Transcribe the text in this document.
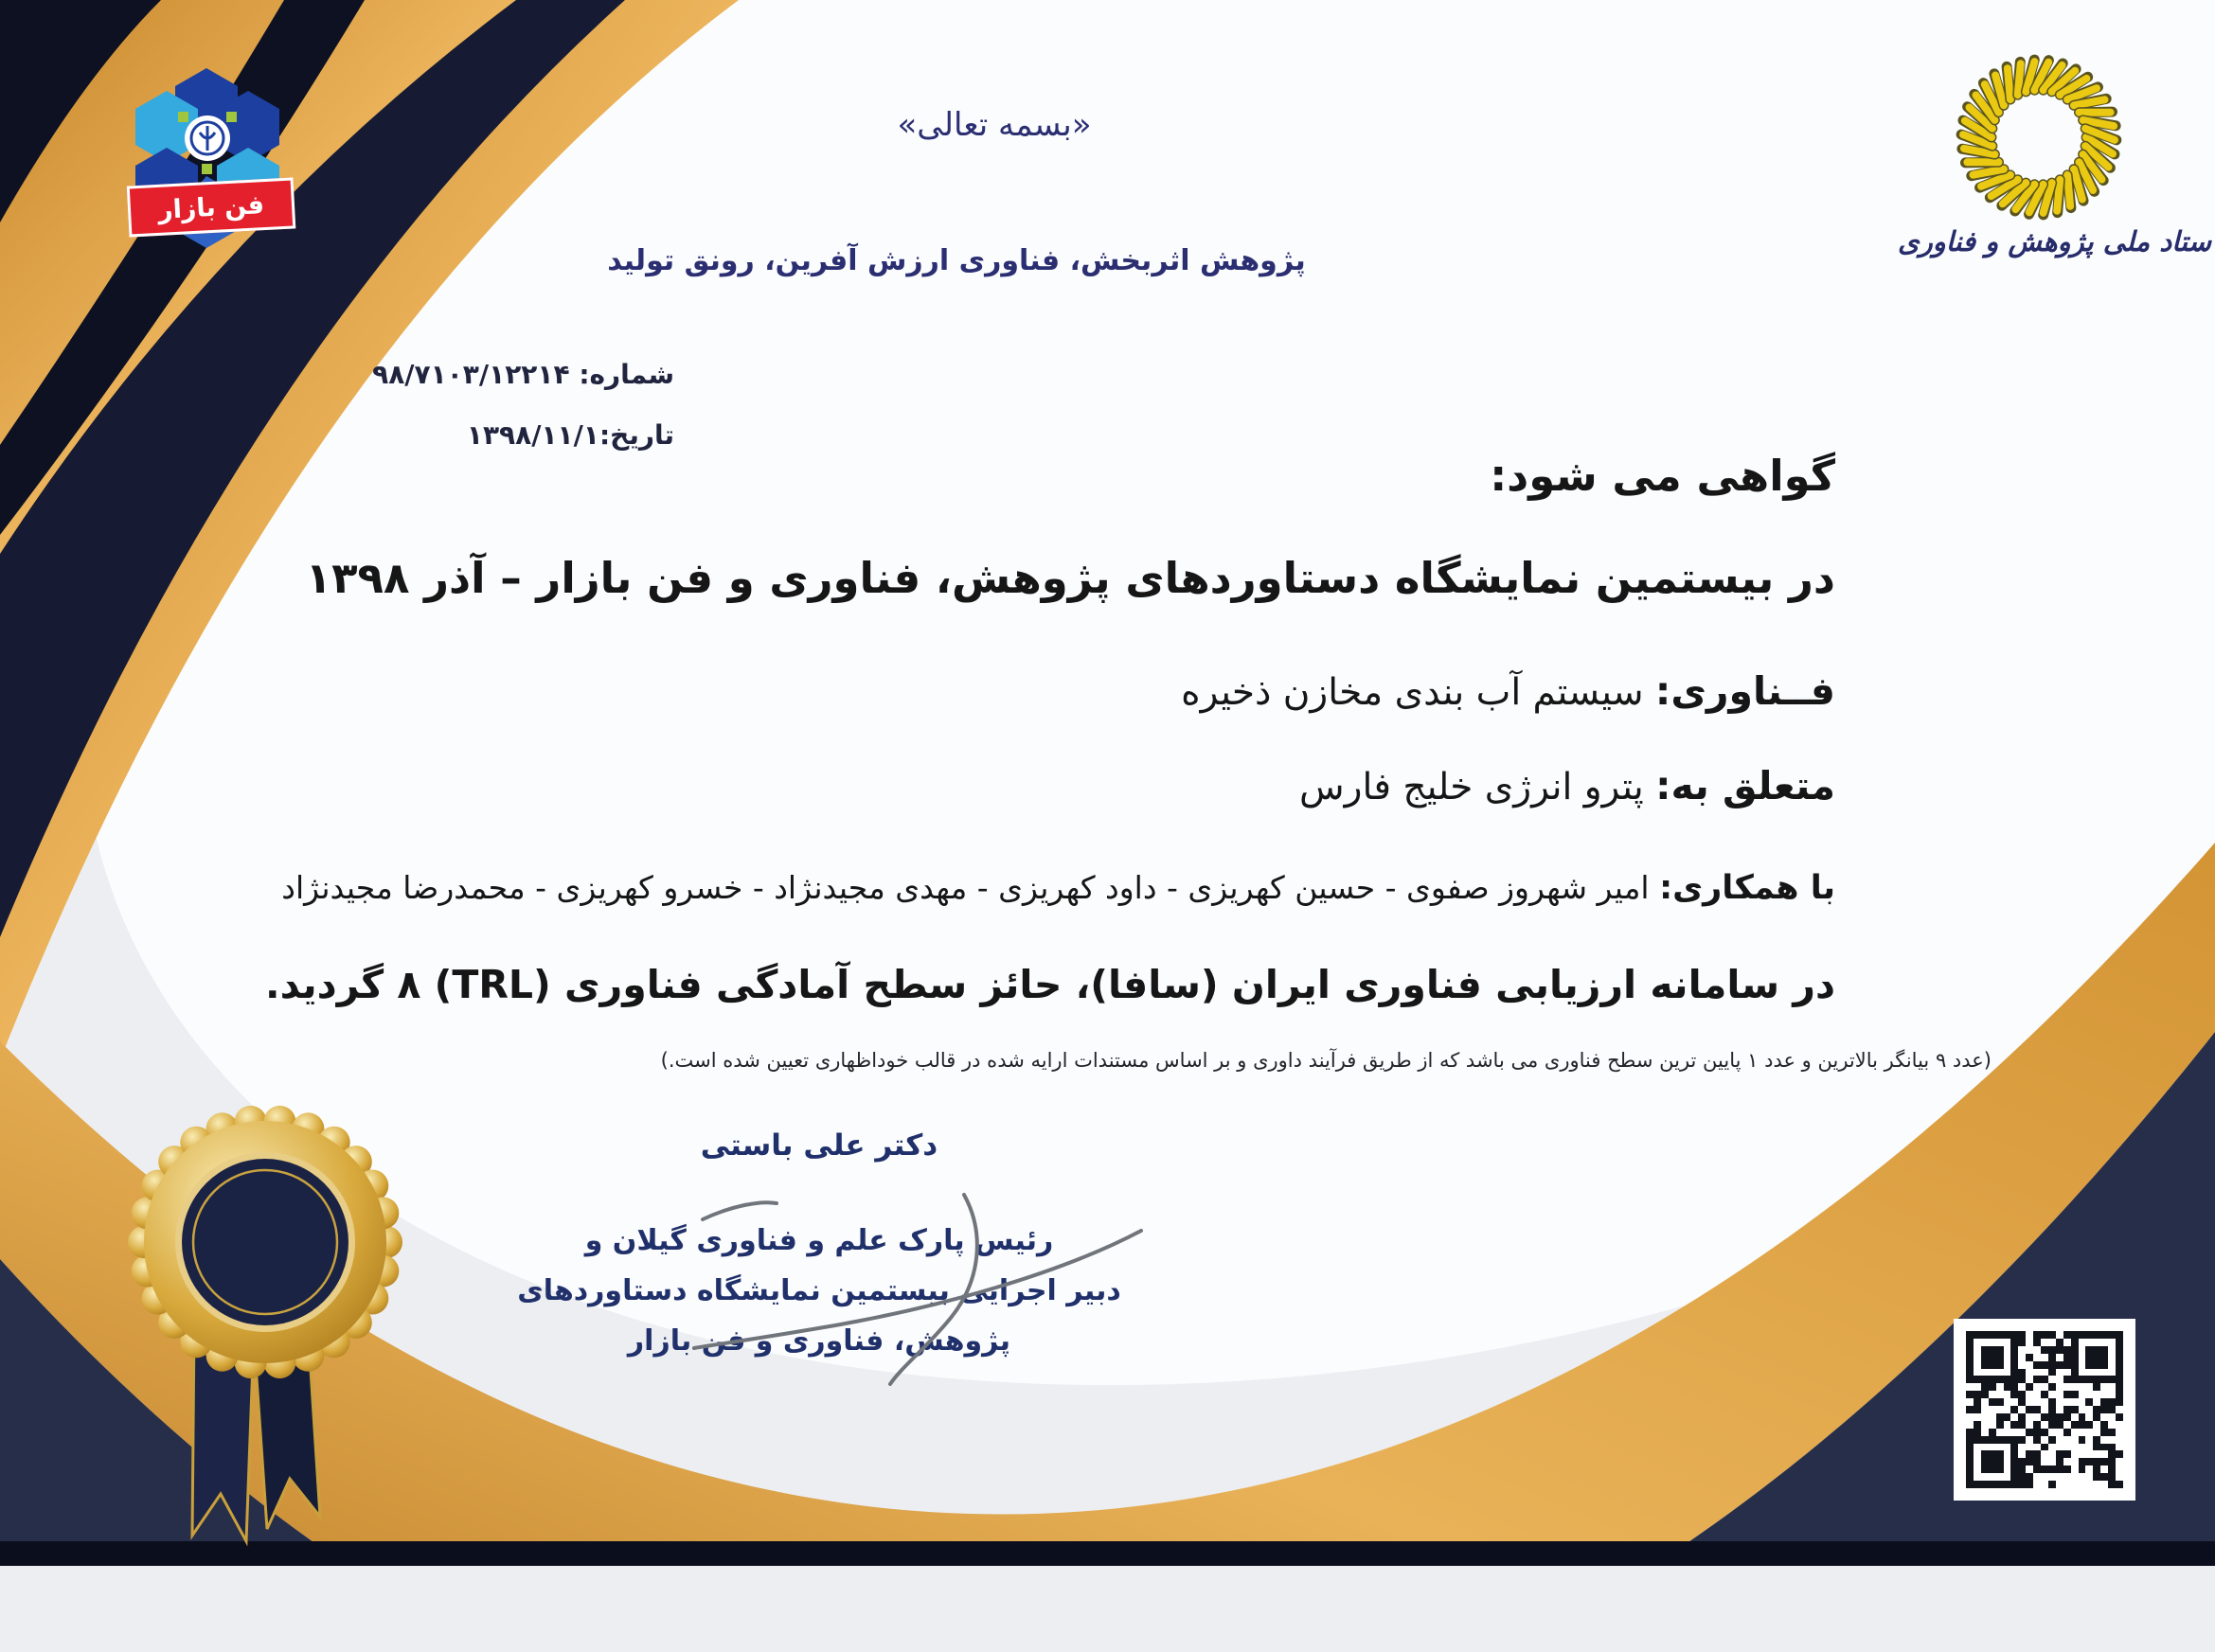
فن بازار
«بسمه تعالی»
پژوهش اثربخش، فناوری ارزش آفرین، رونق تولید
ستاد ملی پژوهش و فناوری
شماره: ۹۸/۷۱۰۳/۱۲۲۱۴
تاریخ:۱۳۹۸/۱۱/۱
گواهی می شود:
در بیستمین نمایشگاه دستاوردهای پژوهش، فناوری و فن بازار – آذر ۱۳۹۸
فــناوری: سیستم آب بندی مخازن ذخیره
متعلق به: پترو انرژی خلیج فارس
با همکاری: امیر شهروز صفوی - حسین کهریزی - داود کهریزی - مهدی مجیدنژاد - خسرو کهریزی - محمدرضا مجیدنژاد
در سامانه ارزیابی فناوری ایران (سافا)، حائز سطح آمادگی فناوری (TRL) ۸ گردید.
(عدد ۹ بیانگر بالاترین و عدد ۱ پایین ترین سطح فناوری می باشد که از طریق فرآیند داوری و بر اساس مستندات ارایه شده در قالب خوداظهاری تعیین شده است.)
دکتر علی باستی
رئیس پارک علم و فناوری گیلان و
دبیر اجرایی بیستمین نمایشگاه دستاوردهای
پژوهش، فناوری و فن بازار
